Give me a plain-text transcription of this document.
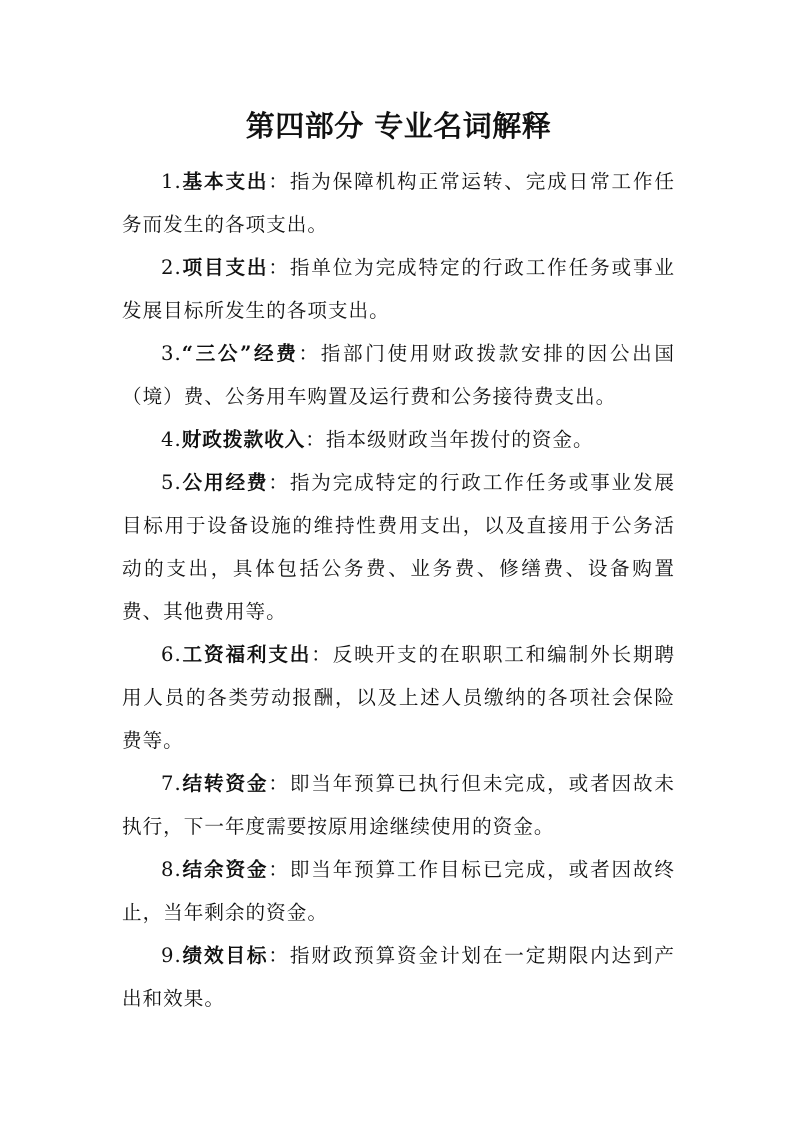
第四部分 专业名词解释

1.基本支出：指为保障机构正常运转、完成日常工作任务而发生的各项支出。

2.项目支出：指单位为完成特定的行政工作任务或事业发展目标所发生的各项支出。

3.“三公”经费：指部门使用财政拨款安排的因公出国（境）费、公务用车购置及运行费和公务接待费支出。

4.财政拨款收入：指本级财政当年拨付的资金。

5.公用经费：指为完成特定的行政工作任务或事业发展目标用于设备设施的维持性费用支出，以及直接用于公务活动的支出，具体包括公务费、业务费、修缮费、设备购置费、其他费用等。

6.工资福利支出：反映开支的在职职工和编制外长期聘用人员的各类劳动报酬，以及上述人员缴纳的各项社会保险费等。

7.结转资金：即当年预算已执行但未完成，或者因故未执行，下一年度需要按原用途继续使用的资金。

8.结余资金：即当年预算工作目标已完成，或者因故终止，当年剩余的资金。

9.绩效目标：指财政预算资金计划在一定期限内达到产出和效果。
